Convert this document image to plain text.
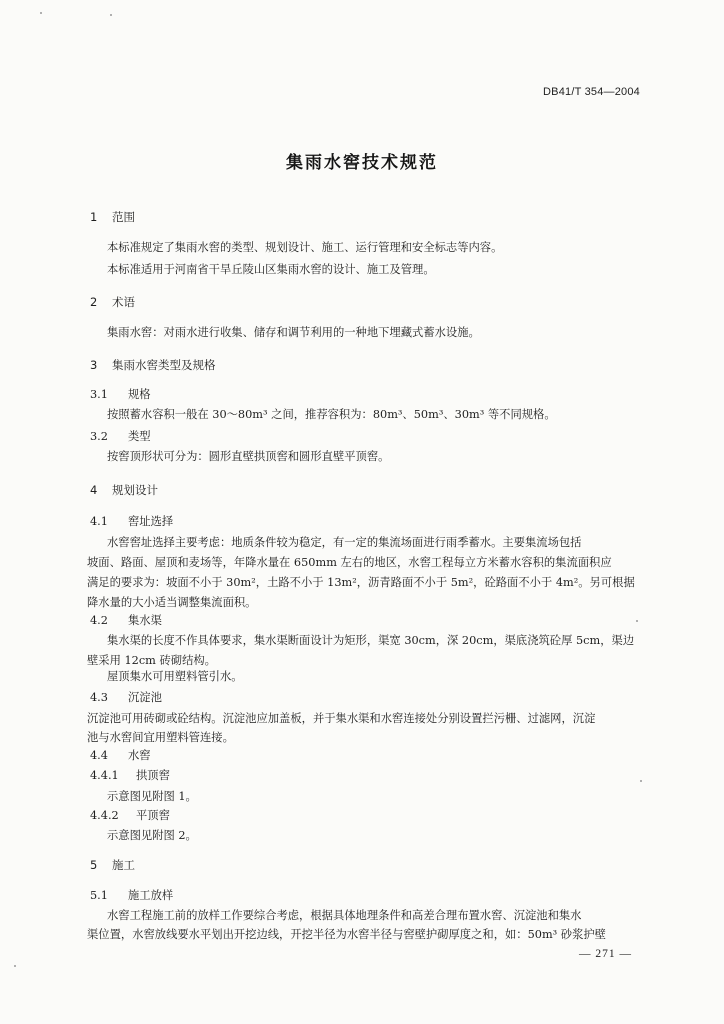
DB41/T 354—2004
集雨水窖技术规范
1 范围
本标准规定了集雨水窖的类型、规划设计、施工、运行管理和安全标志等内容。
本标准适用于河南省干旱丘陵山区集雨水窖的设计、施工及管理。
2 术语
集雨水窖：对雨水进行收集、储存和调节利用的一种地下埋藏式蓄水设施。
3 集雨水窖类型及规格
3.1 规格
按照蓄水容积一般在 30～80m³ 之间，推荐容积为：80m³、50m³、30m³ 等不同规格。
3.2 类型
按窖顶形状可分为：圆形直壁拱顶窖和圆形直壁平顶窖。
4 规划设计
4.1 窖址选择
水窖窖址选择主要考虑：地质条件较为稳定，有一定的集流场面进行雨季蓄水。主要集流场包括
坡面、路面、屋顶和麦场等，年降水量在 650mm 左右的地区，水窖工程每立方米蓄水容积的集流面积应
满足的要求为：坡面不小于 30m²，土路不小于 13m²，沥青路面不小于 5m²，砼路面不小于 4m²。另可根据
降水量的大小适当调整集流面积。
4.2 集水渠
集水渠的长度不作具体要求，集水渠断面设计为矩形，渠宽 30cm，深 20cm，渠底浇筑砼厚 5cm，渠边
壁采用 12cm 砖砌结构。
屋顶集水可用塑料管引水。
4.3 沉淀池
沉淀池可用砖砌或砼结构。沉淀池应加盖板，并于集水渠和水窖连接处分别设置拦污栅、过滤网，沉淀
池与水窖间宜用塑料管连接。
4.4 水窖
4.4.1 拱顶窖
示意图见附图 1。
4.4.2 平顶窖
示意图见附图 2。
5 施工
5.1 施工放样
水窖工程施工前的放样工作要综合考虑，根据具体地理条件和高差合理布置水窖、沉淀池和集水
渠位置，水窖放线要水平划出开挖边线，开挖半径为水窖半径与窖壁护砌厚度之和，如：50m³ 砂浆护壁
— 271 —
